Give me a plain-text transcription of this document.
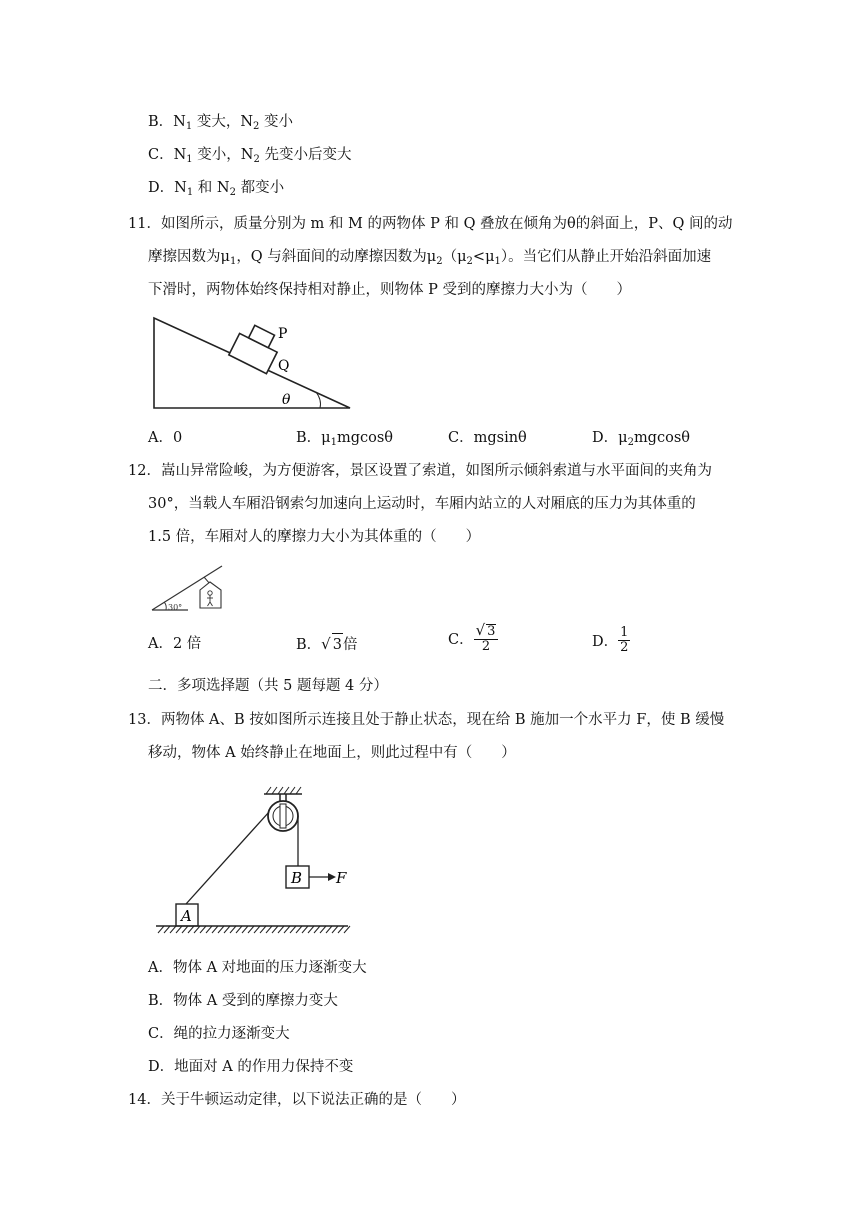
B．$N_1$ 变大，$N_2$ 变小
C．$N_1$ 变小，$N_2$ 先变小后变大
D．$N_1$ 和 $N_2$ 都变小
11．如图所示，质量分别为 m 和 M 的两物体 P 和 Q 叠放在倾角为θ的斜面上，P、Q 间的动
摩擦因数为$\mu_1$，Q 与斜面间的动摩擦因数为$\mu_2(\mu_2<\mu_1)$。当它们从静止开始沿斜面加速
下滑时，两物体始终保持相对静止，则物体 P 受到的摩擦力大小为（　　）
P
Q
θ
A．0	B．$\mu_1mgcos\theta$	C．mgsinθ	D．$\mu_2mgcos\theta$
12．嵩山异常险峻，为方便游客，景区设置了索道，如图所示倾斜索道与水平面间的夹角为
30°，当载人车厢沿钢索匀加速向上运动时，车厢内站立的人对厢底的压力为其体重的
1.5 倍，车厢对人的摩擦力大小为其体重的（　　）
30°
A．2 倍	B．√ 3倍	C． $\frac{√ 3}{2}$	D． $\frac{1}{2}$
二．多项选择题（共 5 题每题 4 分）
13．两物体 A、B 按如图所示连接且处于静止状态，现在给 B 施加一个水平力 F，使 B 缓慢
移动，物体 A 始终静止在地面上，则此过程中有（　　）
B F
A
A．物体 A 对地面的压力逐渐变大
B．物体 A 受到的摩擦力变大
C．绳的拉力逐渐变大
D．地面对 A 的作用力保持不变
14．关于牛顿运动定律，以下说法正确的是（　　）
